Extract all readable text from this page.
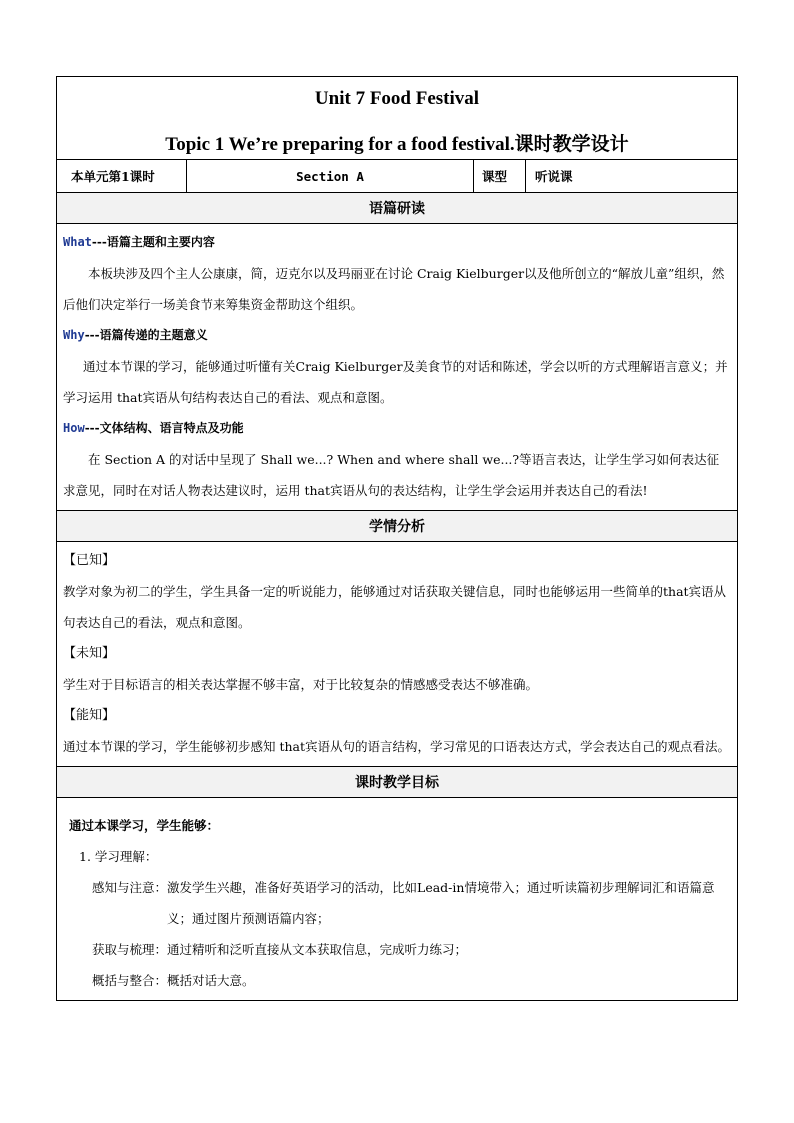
Unit 7 Food Festival
Topic 1 We’re preparing for a food festival.课时教学设计
本单元第1课时	Section A	课型	听说课
语篇研读
What---语篇主题和主要内容
本板块涉及四个主人公康康，简，迈克尔以及玛丽亚在讨论 Craig Kielburger以及他所创立的“解放儿童”组织，然后他们决定举行一场美食节来筹集资金帮助这个组织。
Why---语篇传递的主题意义
通过本节课的学习，能够通过听懂有关Craig Kielburger及美食节的对话和陈述，学会以听的方式理解语言意义；并学习运用 that宾语从句结构表达自己的看法、观点和意图。
How---文体结构、语言特点及功能
在 Section A 的对话中呈现了 Shall we...? When and where shall we...?等语言表达，让学生学习如何表达征求意见，同时在对话人物表达建议时，运用 that宾语从句的表达结构，让学生学会运用并表达自己的看法!
学情分析
【已知】
教学对象为初二的学生，学生具备一定的听说能力，能够通过对话获取关键信息，同时也能够运用一些简单的that宾语从句表达自己的看法，观点和意图。
【未知】
学生对于目标语言的相关表达掌握不够丰富，对于比较复杂的情感感受表达不够准确。
【能知】
通过本节课的学习，学生能够初步感知 that宾语从句的语言结构，学习常见的口语表达方式，学会表达自己的观点看法。
课时教学目标
通过本课学习，学生能够：
1. 学习理解：
感知与注意： 激发学生兴趣，准备好英语学习的活动，比如Lead-in情境带入；通过听读篇初步理解词汇和语篇意义；通过图片预测语篇内容；
获取与梳理： 通过精听和泛听直接从文本获取信息，完成听力练习；
概括与整合： 概括对话大意。
